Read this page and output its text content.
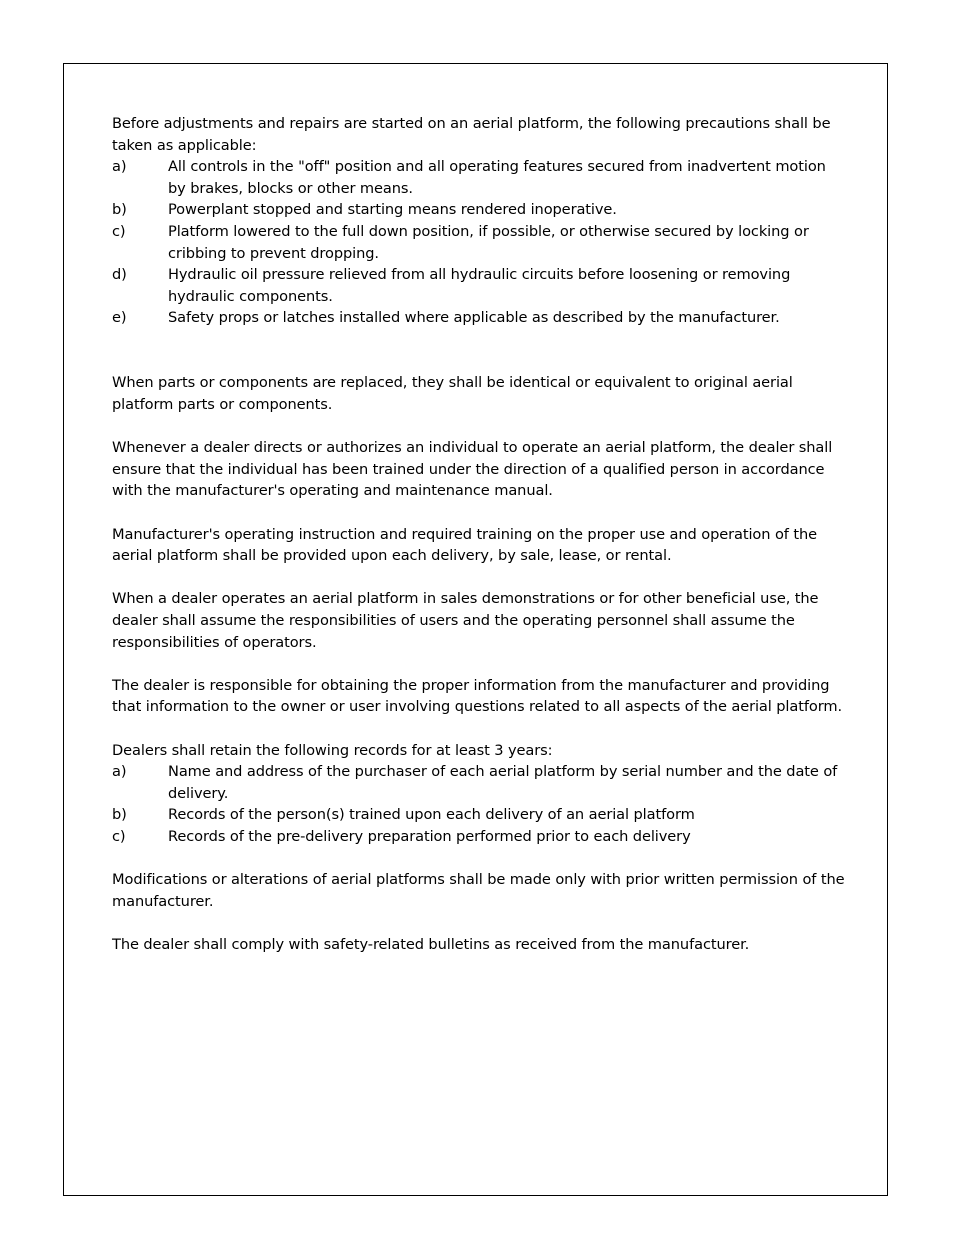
Before adjustments and repairs are started on an aerial platform, the following precautions shall be taken as applicable:

a)	All controls in the "off" position and all operating features secured from inadvertent motion by brakes, blocks or other means.
b)	Powerplant stopped and starting means rendered inoperative.
c)	Platform lowered to the full down position, if possible, or otherwise secured by locking or cribbing to prevent dropping.
d)	Hydraulic oil pressure relieved from all hydraulic circuits before loosening or removing hydraulic components.
e)	Safety props or latches installed where applicable as described by the manufacturer.

When parts or components are replaced, they shall be identical or equivalent to original aerial platform parts or components.

Whenever a dealer directs or authorizes an individual to operate an aerial platform, the dealer shall ensure that the individual has been trained under the direction of a qualified person in accordance with the manufacturer's operating and maintenance manual.

Manufacturer's operating instruction and required training on the proper use and operation of the aerial platform shall be provided upon each delivery, by sale, lease, or rental.

When a dealer operates an aerial platform in sales demonstrations or for other beneficial use, the dealer shall assume the responsibilities of users and the operating personnel shall assume the responsibilities of operators.

The dealer is responsible for obtaining the proper information from the manufacturer and providing that information to the owner or user involving questions related to all aspects of the aerial platform.

Dealers shall retain the following records for at least 3 years:

a)	Name and address of the purchaser of each aerial platform by serial number and the date of delivery.
b)	Records of the person(s) trained upon each delivery of an aerial platform
c)	Records of the pre-delivery preparation performed prior to each delivery

Modifications or alterations of aerial platforms shall be made only with prior written permission of the manufacturer.

The dealer shall comply with safety-related bulletins as received from the manufacturer.
